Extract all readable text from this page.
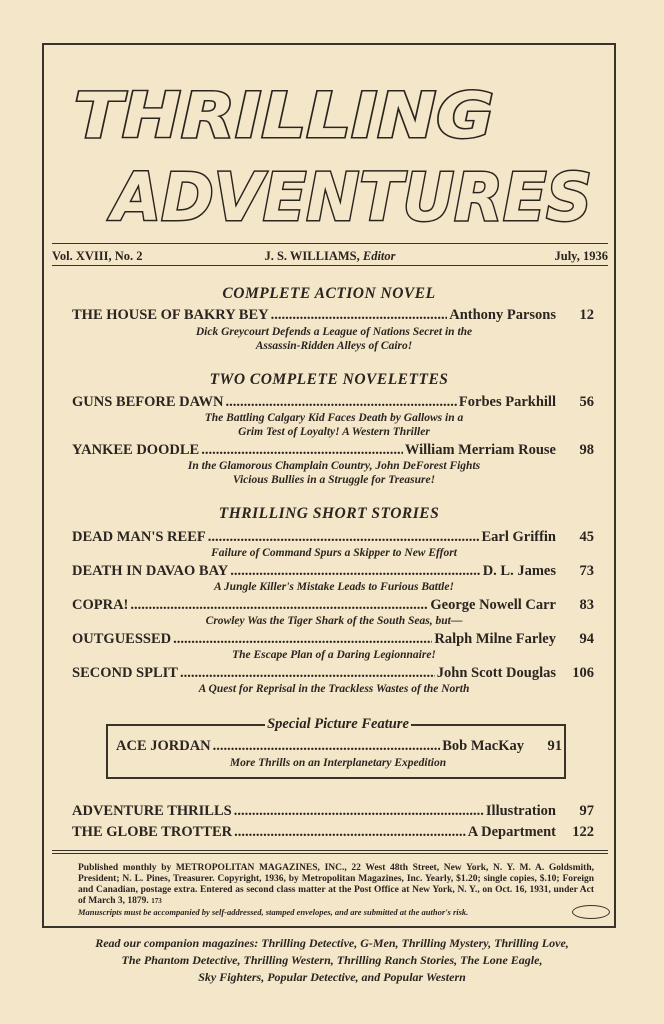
THRILLING
ADVENTURES
Vol. XVIII, No. 2	J. S. WILLIAMS, Editor	July, 1936
COMPLETE ACTION NOVEL
THE HOUSE OF BAKRY BEY .....	Anthony Parsons	12
Dick Greycourt Defends a League of Nations Secret in the
Assassin-Ridden Alleys of Cairo!
TWO COMPLETE NOVELETTES
GUNS BEFORE DAWN .....	Forbes Parkhill	56
The Battling Calgary Kid Faces Death by Gallows in a
Grim Test of Loyalty! A Western Thriller
YANKEE DOODLE .....	William Merriam Rouse	98
In the Glamorous Champlain Country, John DeForest Fights
Vicious Bullies in a Struggle for Treasure!
THRILLING SHORT STORIES
DEAD MAN'S REEF .....	Earl Griffin	45
Failure of Command Spurs a Skipper to New Effort
DEATH IN DAVAO BAY .....	D. L. James	73
A Jungle Killer's Mistake Leads to Furious Battle!
COPRA! .....	George Nowell Carr	83
Crowley Was the Tiger Shark of the South Seas, but—
OUTGUESSED .....	Ralph Milne Farley	94
The Escape Plan of a Daring Legionnaire!
SECOND SPLIT .....	John Scott Douglas	106
A Quest for Reprisal in the Trackless Wastes of the North
Special Picture Feature
ACE JORDAN .....	Bob MacKay	91
More Thrills on an Interplanetary Expedition
ADVENTURE THRILLS .....	Illustration	97
THE GLOBE TROTTER .....	A Department	122
Published monthly by METROPOLITAN MAGAZINES, INC., 22 West 48th Street, New York, N. Y. M. A. Goldsmith, President; N. L. Pines, Treasurer. Copyright, 1936, by Metropolitan Magazines, Inc. Yearly, $1.20; single copies, $.10; Foreign and Canadian, postage extra. Entered as second class matter at the Post Office at New York, N. Y., on Oct. 16, 1931, under Act of March 3, 1879. 173
Manuscripts must be accompanied by self-addressed, stamped envelopes, and are submitted at the author's risk.
Read our companion magazines: Thrilling Detective, G-Men, Thrilling Mystery, Thrilling Love,
The Phantom Detective, Thrilling Western, Thrilling Ranch Stories, The Lone Eagle,
Sky Fighters, Popular Detective, and Popular Western
